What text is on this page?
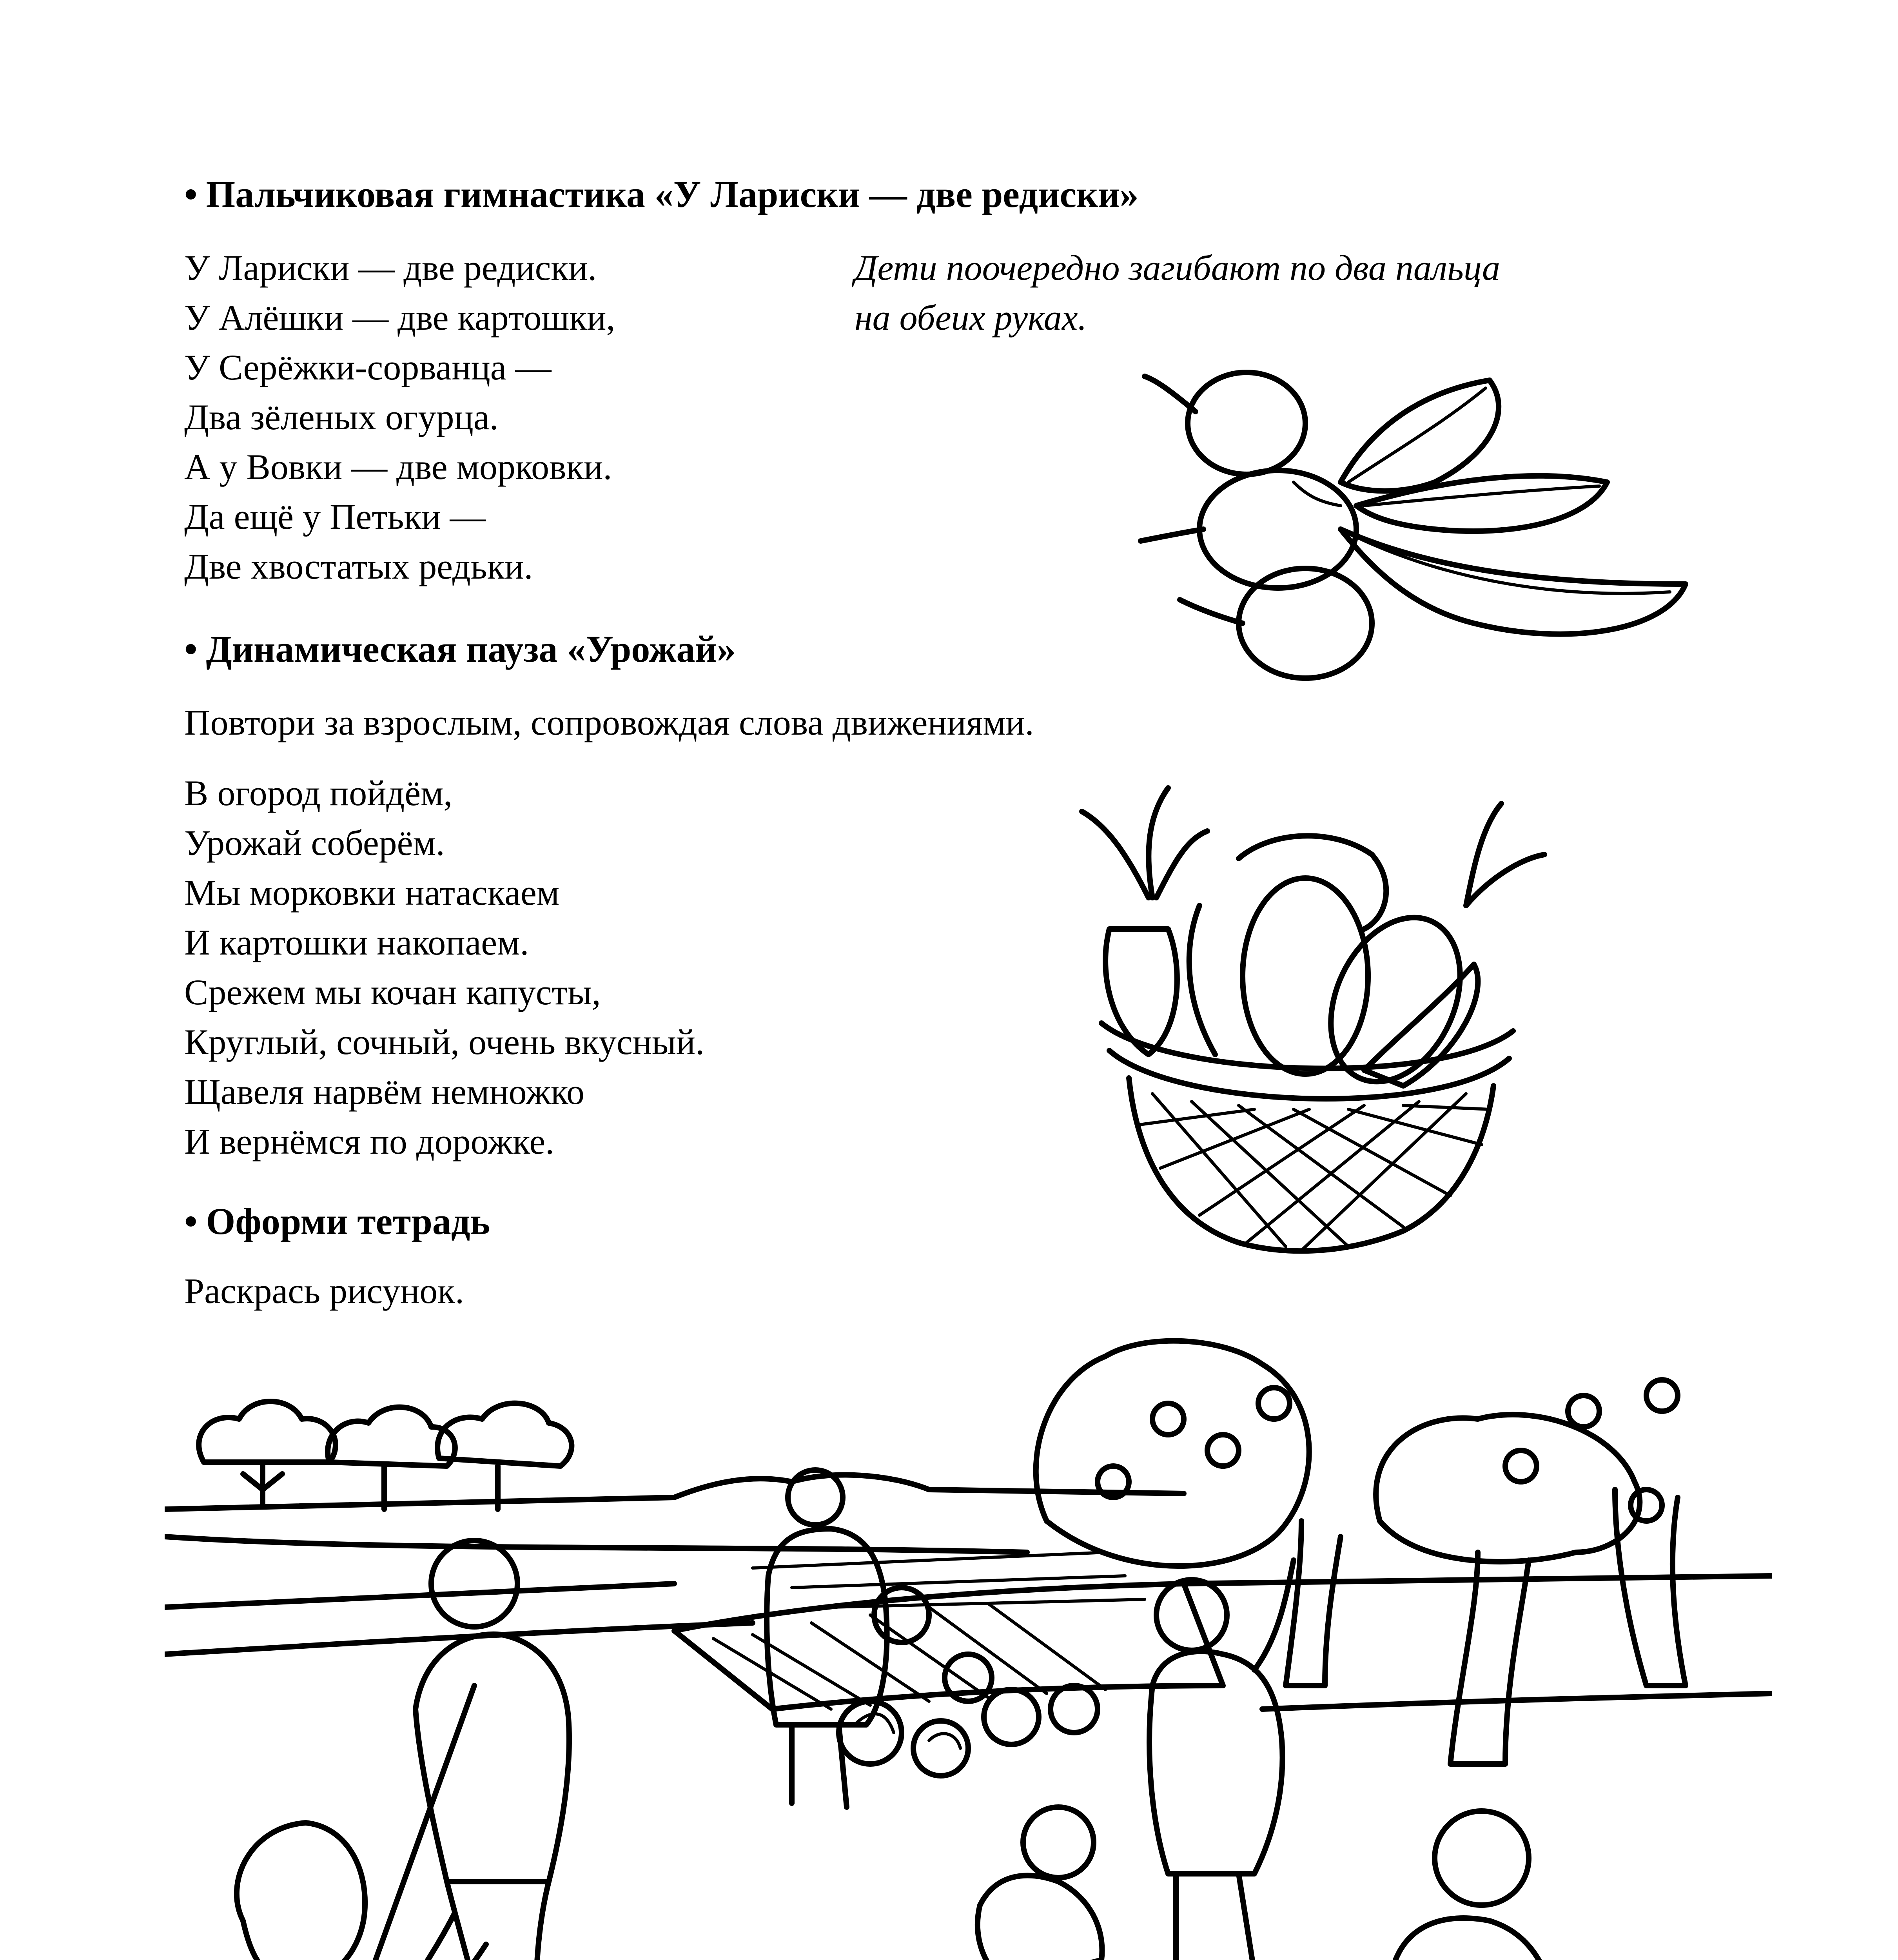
• Пальчиковая гимнастика «У Лариски — две редиски»
У Лариски — две редиски.
У Алёшки — две картошки,
У Серёжки-сорванца —
Два зёленых огурца.
А у Вовки — две морковки.
Да ещё у Петьки —
Две хвостатых редьки.
Дети поочередно загибают по два пальца
на обеих руках.
• Динамическая пауза «Урожай»
Повтори за взрослым, сопровождая слова движениями.
В огород пойдём,
Урожай соберём.
Мы морковки натаскаем
И картошки накопаем.
Срежем мы кочан капусты,
Круглый, сочный, очень вкусный.
Щавеля нарвём немножко
И вернёмся по дорожке.
• Оформи тетрадь
Раскрась рисунок.
